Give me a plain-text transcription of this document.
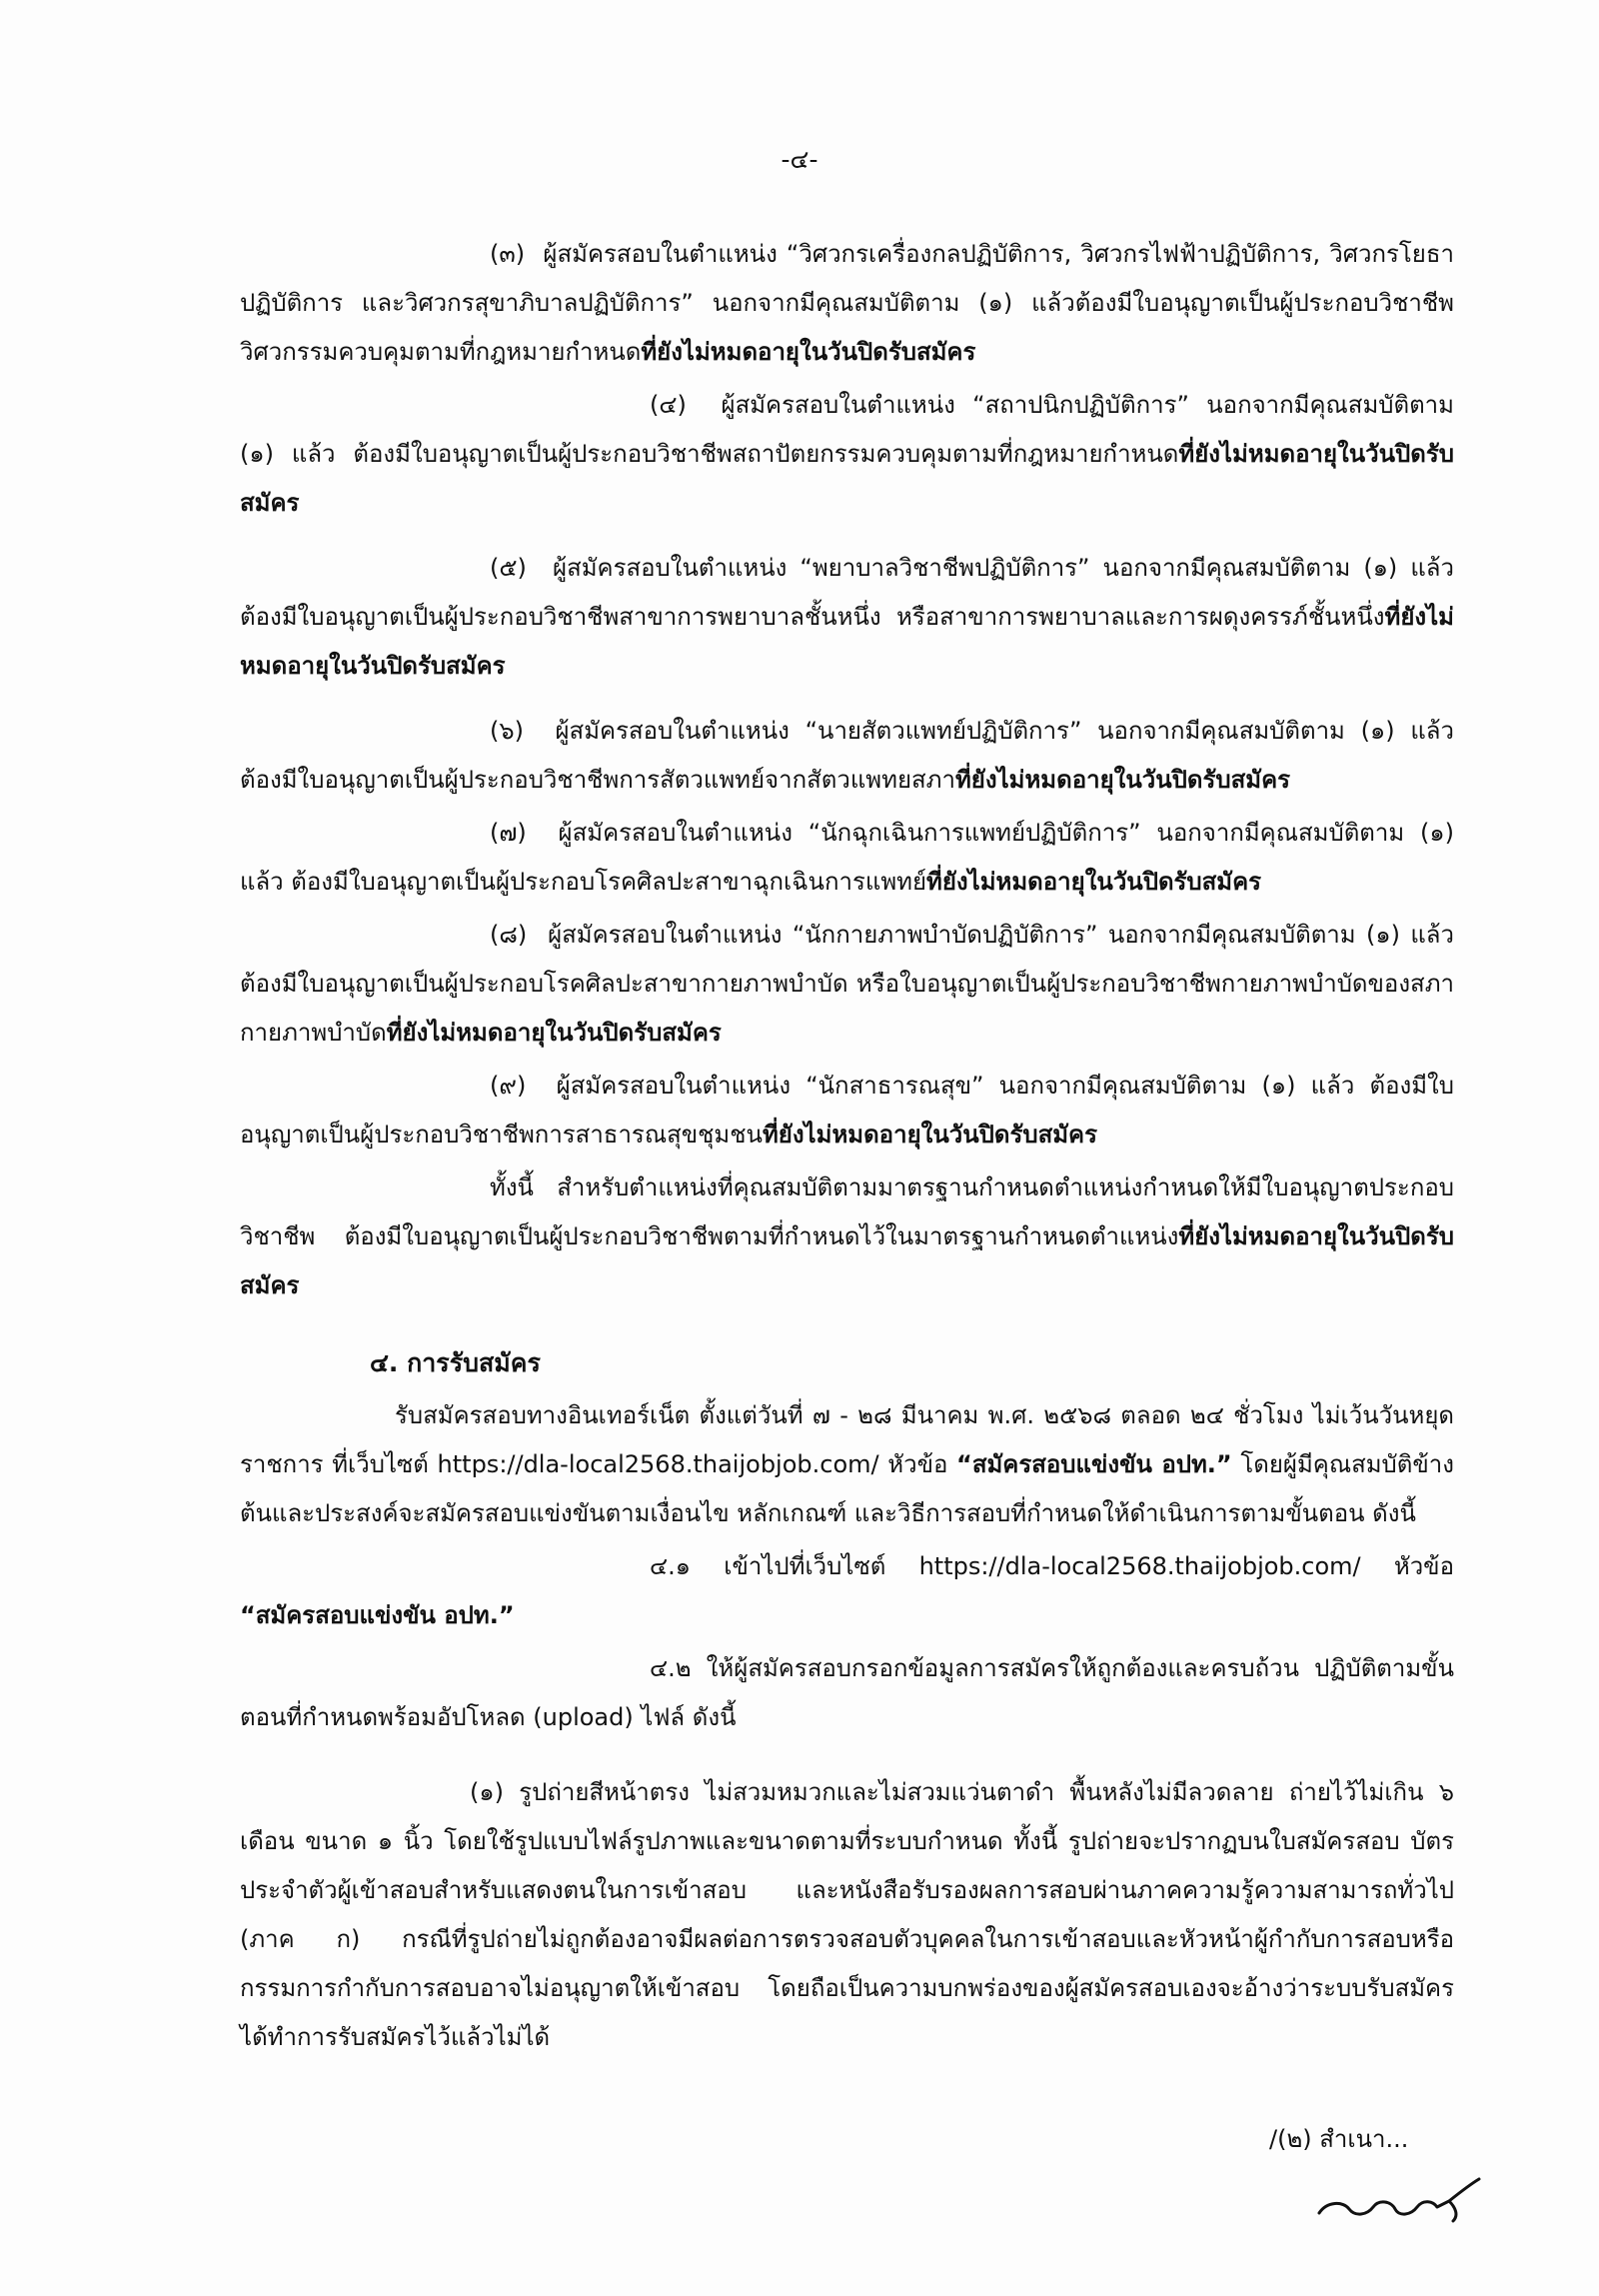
-๔-

(๓) ผู้สมัครสอบในตำแหน่ง “วิศวกรเครื่องกลปฏิบัติการ, วิศวกรไฟฟ้าปฏิบัติการ, วิศวกรโยธาปฏิบัติการ และวิศวกรสุขาภิบาลปฏิบัติการ” นอกจากมีคุณสมบัติตาม (๑) แล้วต้องมีใบอนุญาตเป็นผู้ประกอบวิชาชีพวิศวกรรมควบคุมตามที่กฎหมายกำหนดที่ยังไม่หมดอายุในวันปิดรับสมัคร

(๔) ผู้สมัครสอบในตำแหน่ง “สถาปนิกปฏิบัติการ” นอกจากมีคุณสมบัติตาม (๑) แล้ว ต้องมีใบอนุญาตเป็นผู้ประกอบวิชาชีพสถาปัตยกรรมควบคุมตามที่กฎหมายกำหนดที่ยังไม่หมดอายุในวันปิดรับสมัคร

(๕) ผู้สมัครสอบในตำแหน่ง “พยาบาลวิชาชีพปฏิบัติการ” นอกจากมีคุณสมบัติตาม (๑) แล้ว ต้องมีใบอนุญาตเป็นผู้ประกอบวิชาชีพสาขาการพยาบาลชั้นหนึ่ง หรือสาขาการพยาบาลและการผดุงครรภ์ชั้นหนึ่งที่ยังไม่หมดอายุในวันปิดรับสมัคร

(๖) ผู้สมัครสอบในตำแหน่ง “นายสัตวแพทย์ปฏิบัติการ” นอกจากมีคุณสมบัติตาม (๑) แล้ว ต้องมีใบอนุญาตเป็นผู้ประกอบวิชาชีพการสัตวแพทย์จากสัตวแพทยสภาที่ยังไม่หมดอายุในวันปิดรับสมัคร

(๗) ผู้สมัครสอบในตำแหน่ง “นักฉุกเฉินการแพทย์ปฏิบัติการ” นอกจากมีคุณสมบัติตาม (๑) แล้ว ต้องมีใบอนุญาตเป็นผู้ประกอบโรคศิลปะสาขาฉุกเฉินการแพทย์ที่ยังไม่หมดอายุในวันปิดรับสมัคร

(๘) ผู้สมัครสอบในตำแหน่ง “นักกายภาพบำบัดปฏิบัติการ” นอกจากมีคุณสมบัติตาม (๑) แล้ว ต้องมีใบอนุญาตเป็นผู้ประกอบโรคศิลปะสาขากายภาพบำบัด หรือใบอนุญาตเป็นผู้ประกอบวิชาชีพกายภาพบำบัดของสภากายภาพบำบัดที่ยังไม่หมดอายุในวันปิดรับสมัคร

(๙) ผู้สมัครสอบในตำแหน่ง “นักสาธารณสุข” นอกจากมีคุณสมบัติตาม (๑) แล้ว ต้องมีใบอนุญาตเป็นผู้ประกอบวิชาชีพการสาธารณสุขชุมชนที่ยังไม่หมดอายุในวันปิดรับสมัคร

ทั้งนี้ สำหรับตำแหน่งที่คุณสมบัติตามมาตรฐานกำหนดตำแหน่งกำหนดให้มีใบอนุญาตประกอบวิชาชีพ ต้องมีใบอนุญาตเป็นผู้ประกอบวิชาชีพตามที่กำหนดไว้ในมาตรฐานกำหนดตำแหน่งที่ยังไม่หมดอายุในวันปิดรับสมัคร

๔. การรับสมัคร

รับสมัครสอบทางอินเทอร์เน็ต ตั้งแต่วันที่ ๗ - ๒๘ มีนาคม พ.ศ. ๒๕๖๘ ตลอด ๒๔ ชั่วโมง ไม่เว้นวันหยุดราชการ ที่เว็บไซต์ https://dla-local2568.thaijobjob.com/ หัวข้อ “สมัครสอบแข่งขัน อปท.” โดยผู้มีคุณสมบัติข้างต้นและประสงค์จะสมัครสอบแข่งขันตามเงื่อนไข หลักเกณฑ์ และวิธีการสอบที่กำหนดให้ดำเนินการตามขั้นตอน ดังนี้

๔.๑ เข้าไปที่เว็บไซต์ https://dla-local2568.thaijobjob.com/ หัวข้อ “สมัครสอบแข่งขัน อปท.”

๔.๒ ให้ผู้สมัครสอบกรอกข้อมูลการสมัครให้ถูกต้องและครบถ้วน ปฏิบัติตามขั้นตอนที่กำหนดพร้อมอัปโหลด (upload) ไฟล์ ดังนี้

(๑) รูปถ่ายสีหน้าตรง ไม่สวมหมวกและไม่สวมแว่นตาดำ พื้นหลังไม่มีลวดลาย ถ่ายไว้ไม่เกิน ๖ เดือน ขนาด ๑ นิ้ว โดยใช้รูปแบบไฟล์รูปภาพและขนาดตามที่ระบบกำหนด ทั้งนี้ รูปถ่ายจะปรากฏบนใบสมัครสอบ บัตรประจำตัวผู้เข้าสอบสำหรับแสดงตนในการเข้าสอบ และหนังสือรับรองผลการสอบผ่านภาคความรู้ความสามารถทั่วไป (ภาค ก) กรณีที่รูปถ่ายไม่ถูกต้องอาจมีผลต่อการตรวจสอบตัวบุคคลในการเข้าสอบและหัวหน้าผู้กำกับการสอบหรือกรรมการกำกับการสอบอาจไม่อนุญาตให้เข้าสอบ โดยถือเป็นความบกพร่องของผู้สมัครสอบเองจะอ้างว่าระบบรับสมัครได้ทำการรับสมัครไว้แล้วไม่ได้

/(๒) สำเนา...
